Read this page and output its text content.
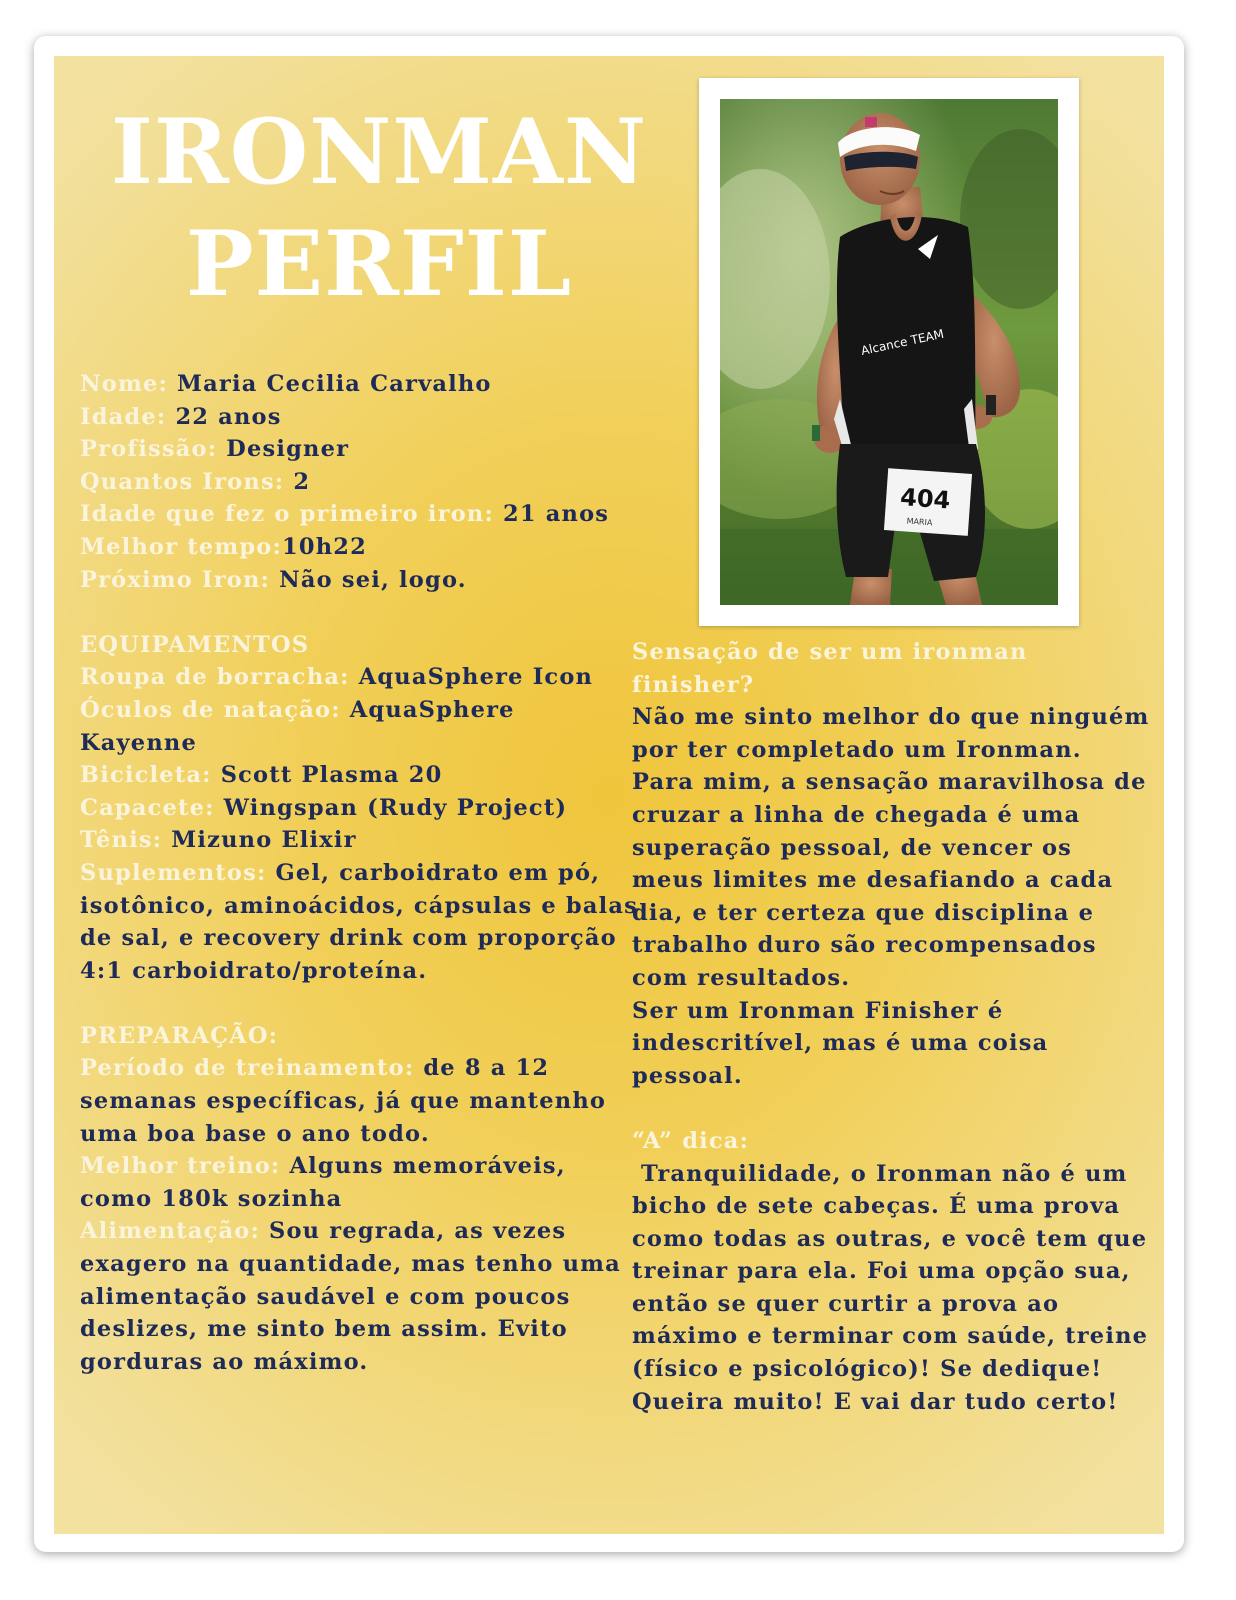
IRONMAN
PERFIL
Alcance TEAM
404
MARIA

Nome: Maria Cecilia Carvalho

Idade: 22 anos

Profissão: Designer

Quantos Irons: 2

Idade que fez o primeiro iron: 21 anos

Melhor tempo:10h22

Próximo Iron: Não sei, logo.

EQUIPAMENTOS

Roupa de borracha: AquaSphere Icon

Óculos de natação: AquaSphere Kayenne

Bicicleta: Scott Plasma 20

Capacete: Wingspan (Rudy Project)

Tênis: Mizuno Elixir

Suplementos: Gel, carboidrato em pó, isotônico, aminoácidos, cápsulas e balas de sal, e recovery drink com proporção 4:1 carboidrato/proteína.

PREPARAÇÃO:

Período de treinamento: de 8 a 12 semanas específicas, já que mantenho uma boa base o ano todo.

Melhor treino: Alguns memoráveis, como 180k sozinha

Alimentação: Sou regrada, as vezes exagero na quantidade, mas tenho uma alimentação saudável e com poucos deslizes, me sinto bem assim. Evito gorduras ao máximo.

Sensação de ser um ironman finisher?

Não me sinto melhor do que ninguém por ter completado um Ironman. Para mim, a sensação maravilhosa de cruzar a linha de chegada é uma superação pessoal, de vencer os meus limites me desafiando a cada dia, e ter certeza que disciplina e trabalho duro são recompensados com resultados.

Ser um Ironman Finisher é indescritível, mas é uma coisa pessoal.

“A” dica:

Tranquilidade, o Ironman não é um bicho de sete cabeças. É uma prova como todas as outras, e você tem que treinar para ela. Foi uma opção sua, então se quer curtir a prova ao máximo e terminar com saúde, treine (físico e psicológico)! Se dedique! Queira muito! E vai dar tudo certo!
